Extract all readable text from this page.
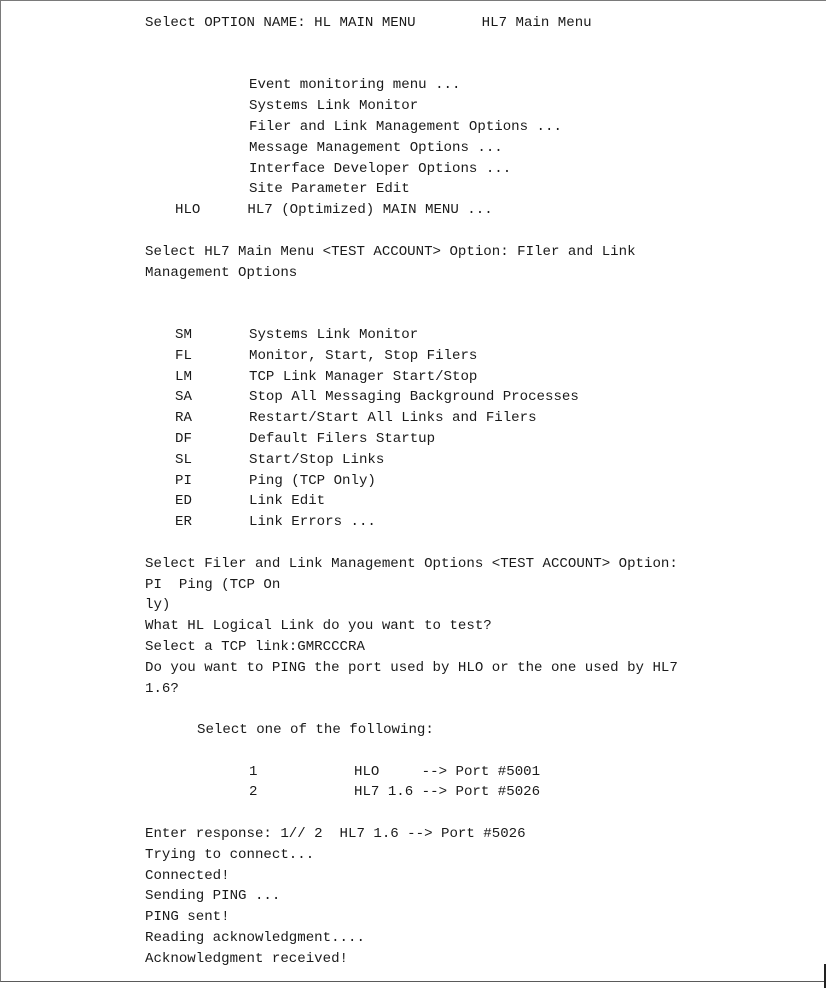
Select OPTION NAME: HL MAIN MENU	HL7 Main Menu
Event monitoring menu ...
Systems Link Monitor
Filer and Link Management Options ...
Message Management Options ...
Interface Developer Options ...
Site Parameter Edit
HLO	HL7 (Optimized) MAIN MENU ...
Select HL7 Main Menu <TEST ACCOUNT> Option: FIler and Link
Management Options
SM	Systems Link Monitor
FL	Monitor, Start, Stop Filers
LM	TCP Link Manager Start/Stop
SA	Stop All Messaging Background Processes
RA	Restart/Start All Links and Filers
DF	Default Filers Startup
SL	Start/Stop Links
PI	Ping (TCP Only)
ED	Link Edit
ER	Link Errors ...
Select Filer and Link Management Options <TEST ACCOUNT> Option:
PI  Ping (TCP On
ly)
What HL Logical Link do you want to test?
Select a TCP link:GMRCCCRA
Do you want to PING the port used by HLO or the one used by HL7
1.6?
Select one of the following:
1	HLO     --> Port #5001
2	HL7 1.6 --> Port #5026
Enter response: 1// 2  HL7 1.6 --> Port #5026
Trying to connect...
Connected!
Sending PING ...
PING sent!
Reading acknowledgment....
Acknowledgment received!
